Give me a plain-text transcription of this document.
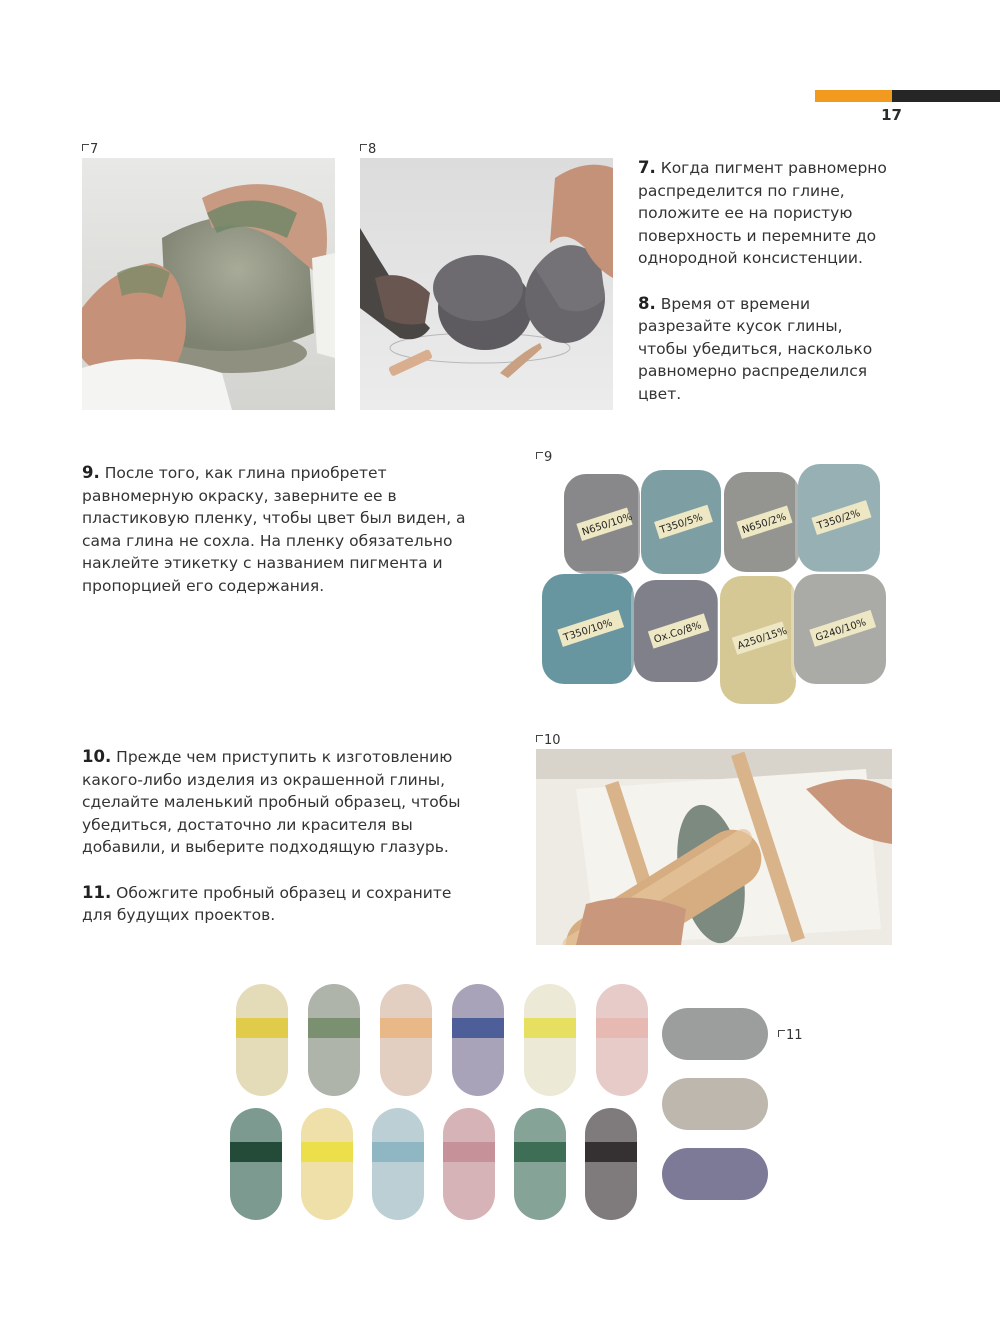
17
7	8

7. Когда пигмент равномерно распределится по глине, положите ее на пористую поверхность и перемните до однородной консистенции.

8. Время от времени разрезайте кусок глины, чтобы убедиться, насколько равномерно распределился цвет.

9. После того, как глина приобретет равномерную окраску, заверните ее в пластиковую пленку, чтобы цвет был виден, а сама глина не сохла. На пленку обязательно наклейте этикетку с названием пигмента и пропорцией его содержания.

9
N650/10% T350/5%	N650/2%	T350/2%
T350/10%	Ox.Co/8%	A250/15%	G240/10%

10. Прежде чем приступить к изготовлению какого-либо изделия из окрашенной глины, сделайте маленький пробный образец, чтобы убедиться, достаточно ли красителя вы добавили, и выберите подходящую глазурь.

11. Обожгите пробный образец и сохраните для будущих проектов.

10
11
